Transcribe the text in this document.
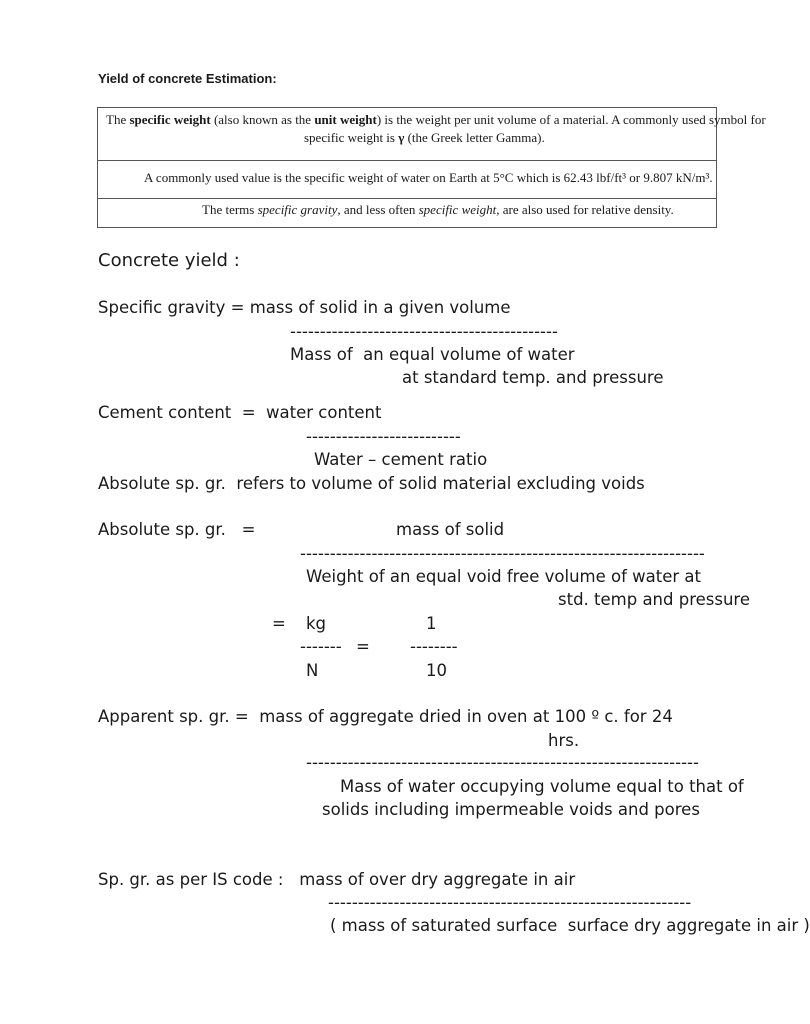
Yield of concrete Estimation:
The specific weight (also known as the unit weight) is the weight per unit volume of a material. A commonly used symbol for
specific weight is γ (the Greek letter Gamma).
A commonly used value is the specific weight of water on Earth at 5°C which is 62.43 lbf/ft³ or 9.807 kN/m³.
The terms specific gravity, and less often specific weight, are also used for relative density.
Concrete yield :
Specific gravity = mass of solid in a given volume
---------------------------------------------
Mass of  an equal volume of water
at standard temp. and pressure
Cement content  =  water content
--------------------------
Water – cement ratio
Absolute sp. gr.  refers to volume of solid material excluding voids
Absolute sp. gr.   =	mass of solid
--------------------------------------------------------------------
Weight of an equal void free volume of water at
std. temp and pressure
= kg	1
------- = --------
N	10
Apparent sp. gr. =  mass of aggregate dried in oven at 100 º c. for 24
hrs.
------------------------------------------------------------------
Mass of water occupying volume equal to that of
solids including impermeable voids and pores
Sp. gr. as per IS code :   mass of over dry aggregate in air
-------------------------------------------------------------
( mass of saturated surface  surface dry aggregate in air )
